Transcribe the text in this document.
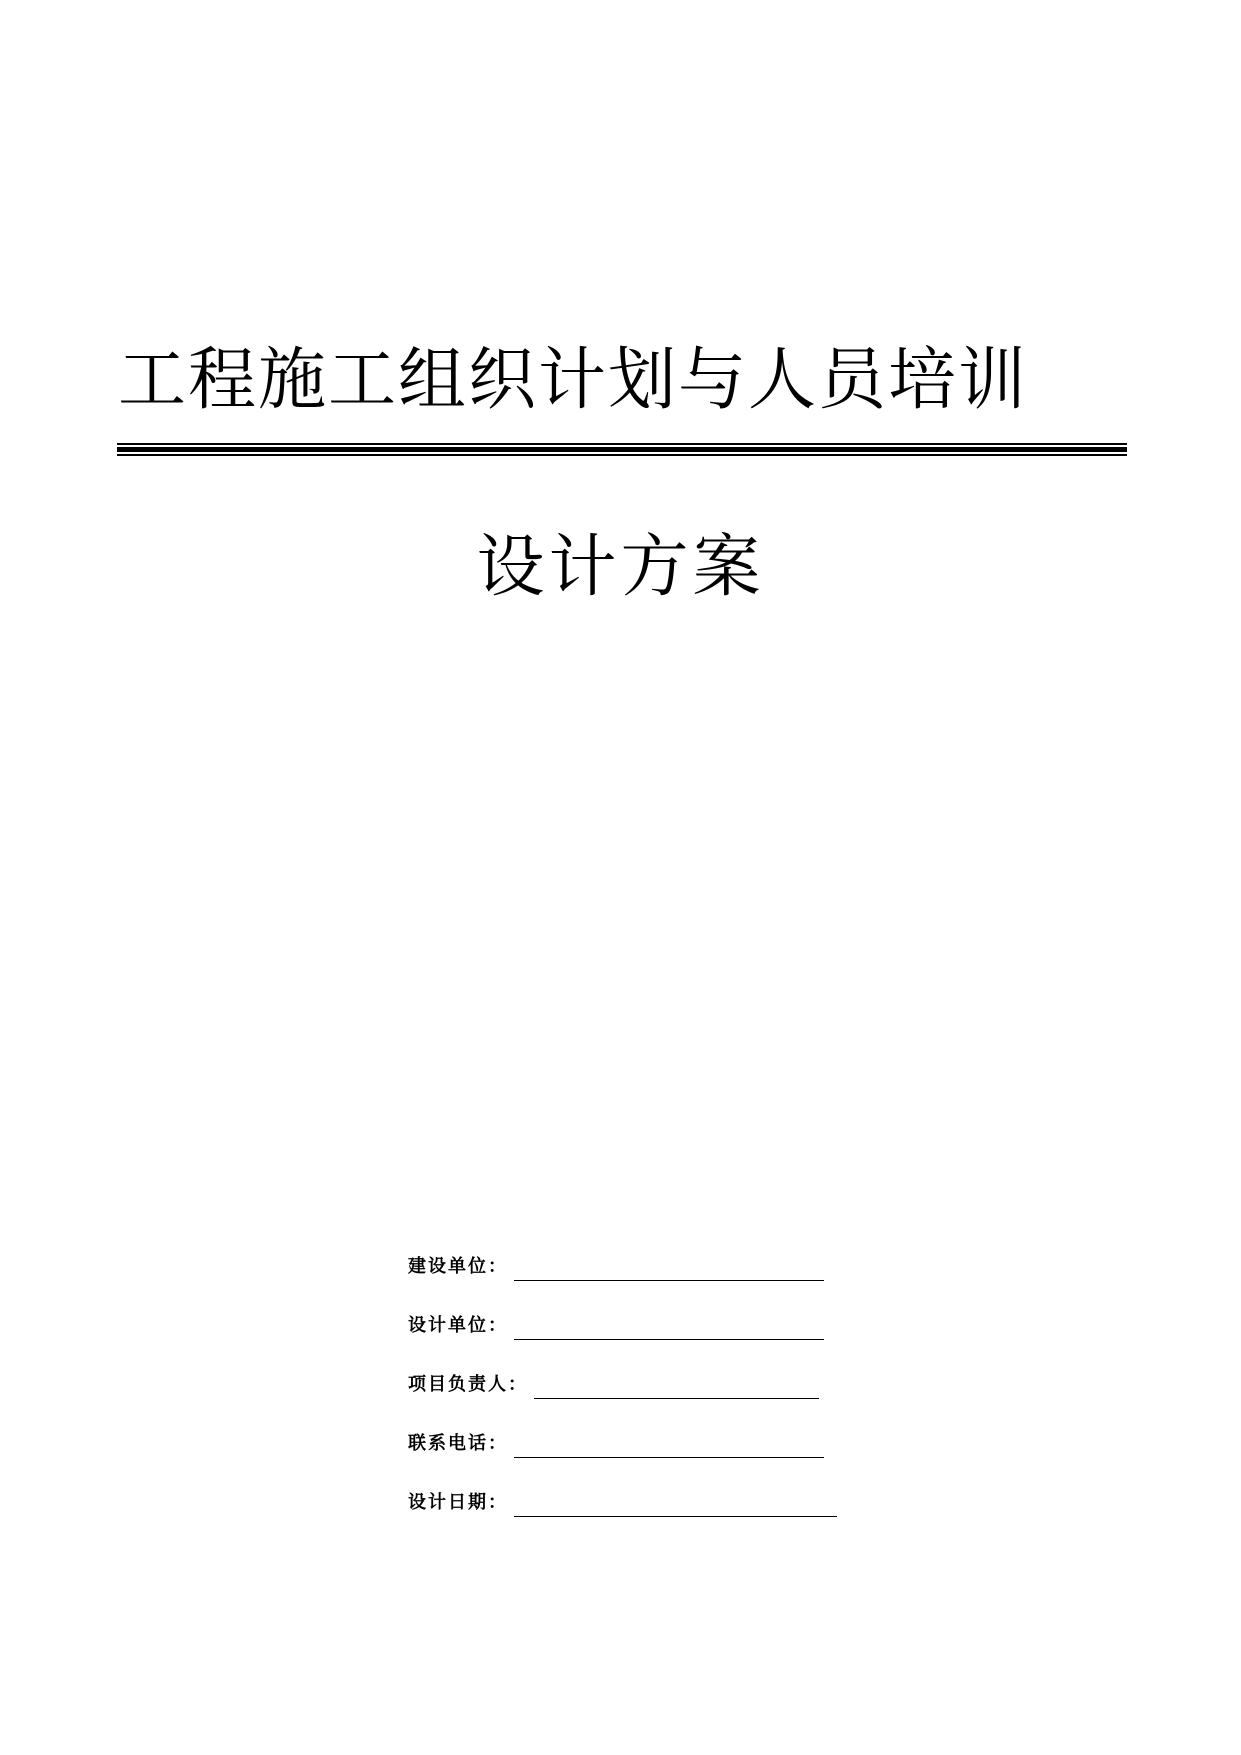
工程施工组织计划与人员培训
设计方案
建设单位：
设计单位：
项目负责人：
联系电话：
设计日期：
